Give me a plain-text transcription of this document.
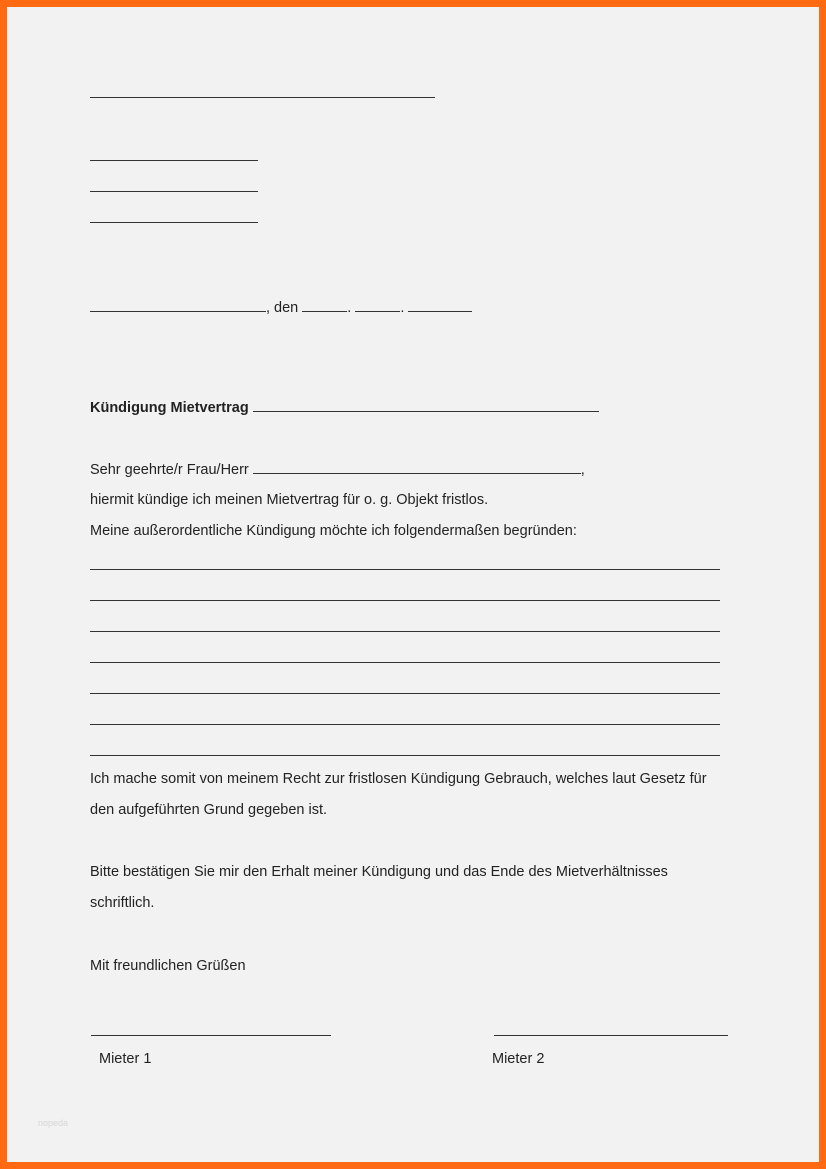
, den	.	.
Kündigung Mietvertrag
Sehr geehrte/r Frau/Herr	,
hiermit kündige ich meinen Mietvertrag für o. g. Objekt fristlos.
Meine außerordentliche Kündigung möchte ich folgendermaßen begründen:
Ich mache somit von meinem Recht zur fristlosen Kündigung Gebrauch, welches laut Gesetz für
den aufgeführten Grund gegeben ist.
Bitte bestätigen Sie mir den Erhalt meiner Kündigung und das Ende des Mietverhältnisses
schriftlich.
Mit freundlichen Grüßen
Mieter 1	Mieter 2
nopeda
